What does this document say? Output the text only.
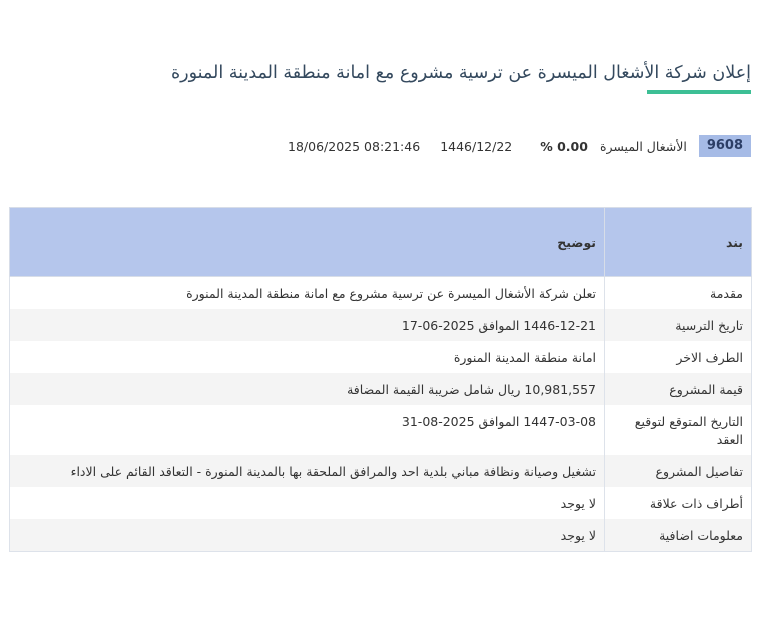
إعلان شركة الأشغال الميسرة عن ترسية مشروع مع امانة منطقة المدينة المنورة
9608
الأشغال الميسرة
% 0.00
1446/12/22
18/06/2025 08:21:46
بند	توضيح
مقدمة	تعلن شركة الأشغال الميسرة عن ترسية مشروع مع امانة منطقة المدينة المنورة
تاريخ الترسية	1446-12-21 الموافق 2025-06-17
الطرف الاخر	امانة منطقة المدينة المنورة
قيمة المشروع	10,981,557 ريال شامل ضريبة القيمة المضافة
التاريخ المتوقع لتوقيع العقد	1447-03-08 الموافق 2025-08-31
تفاصيل المشروع	تشغيل وصيانة ونظافة مباني بلدية احد والمرافق الملحقة بها بالمدينة المنورة - التعاقد القائم على الاداء
أطراف ذات علاقة	لا يوجد
معلومات اضافية	لا يوجد
